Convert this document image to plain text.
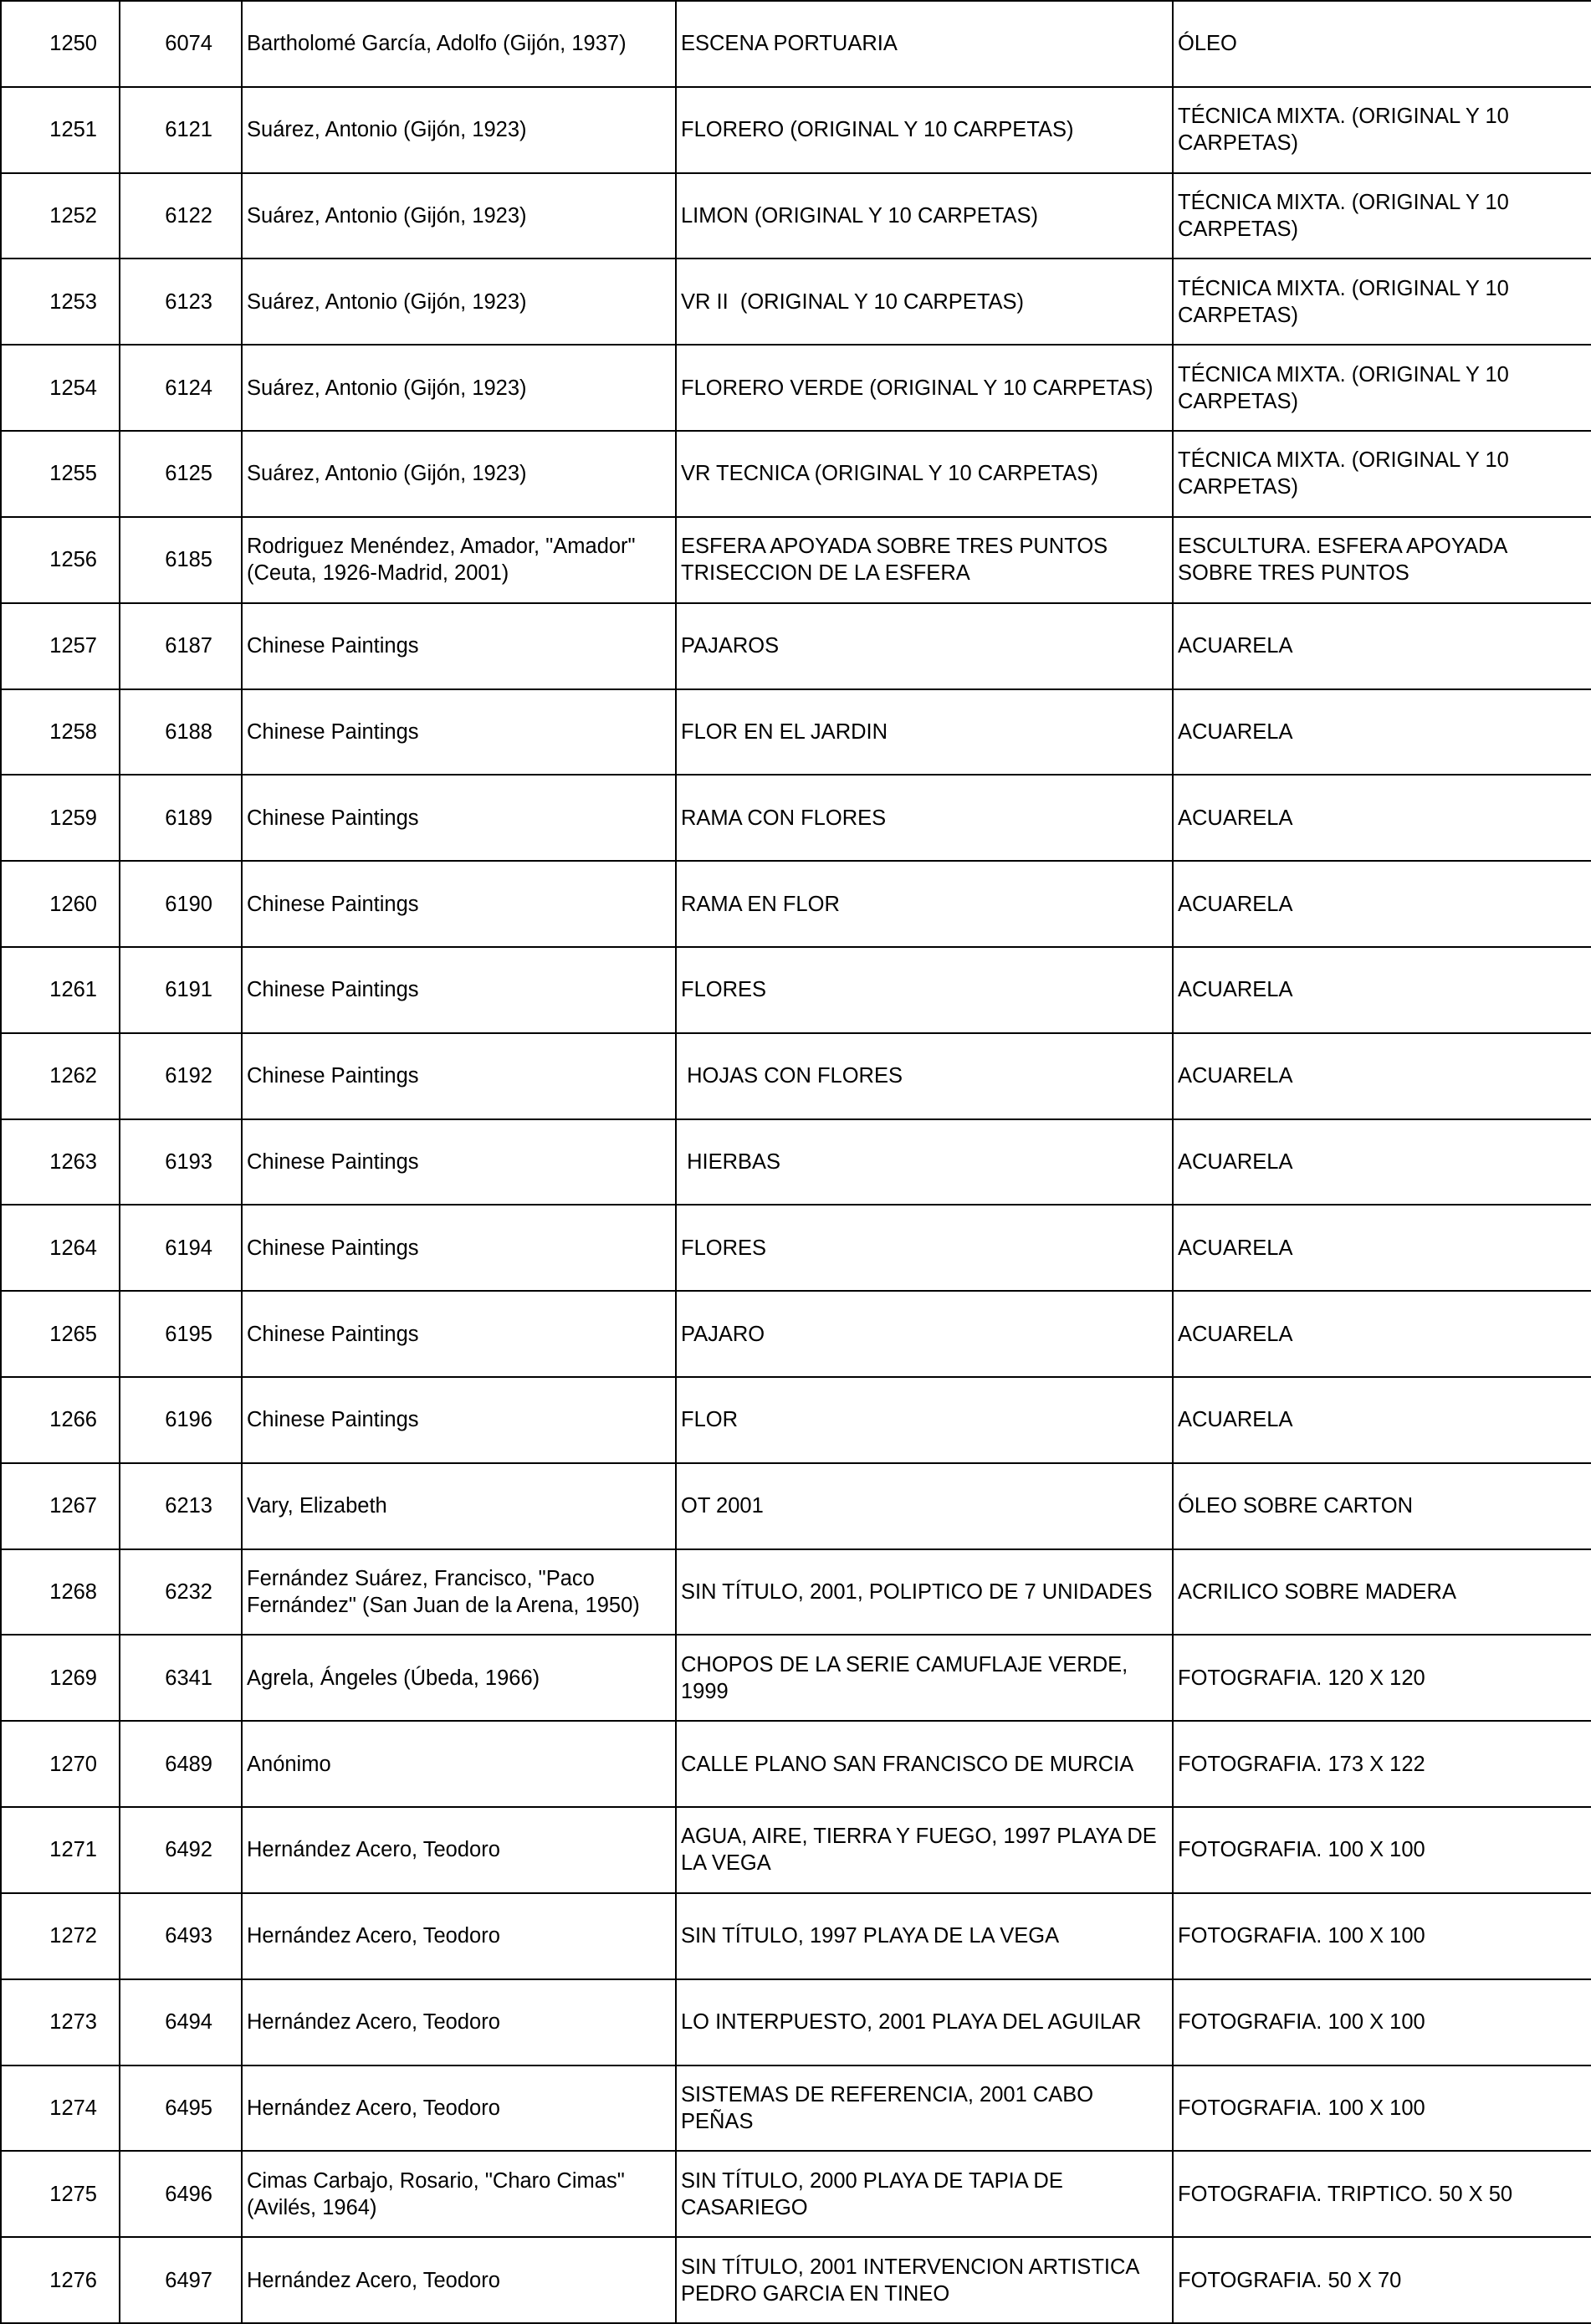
1250	6074	Bartholomé García, Adolfo (Gijón, 1937)	ESCENA PORTUARIA	ÓLEO
1251	6121	Suárez, Antonio (Gijón, 1923)	FLORERO (ORIGINAL Y 10 CARPETAS)	TÉCNICA MIXTA. (ORIGINAL Y 10 CARPETAS)
1252	6122	Suárez, Antonio (Gijón, 1923)	LIMON (ORIGINAL Y 10 CARPETAS)	TÉCNICA MIXTA. (ORIGINAL Y 10 CARPETAS)
1253	6123	Suárez, Antonio (Gijón, 1923)	VR II  (ORIGINAL Y 10 CARPETAS)	TÉCNICA MIXTA. (ORIGINAL Y 10 CARPETAS)
1254	6124	Suárez, Antonio (Gijón, 1923)	FLORERO VERDE (ORIGINAL Y 10 CARPETAS)	TÉCNICA MIXTA. (ORIGINAL Y 10 CARPETAS)
1255	6125	Suárez, Antonio (Gijón, 1923)	VR TECNICA (ORIGINAL Y 10 CARPETAS)	TÉCNICA MIXTA. (ORIGINAL Y 10 CARPETAS)
1256	6185	Rodriguez Menéndez, Amador, "Amador" (Ceuta, 1926-Madrid, 2001)	ESFERA APOYADA SOBRE TRES PUNTOS TRISECCION DE LA ESFERA	ESCULTURA. ESFERA APOYADA SOBRE TRES PUNTOS
1257	6187	Chinese Paintings	PAJAROS	ACUARELA
1258	6188	Chinese Paintings	FLOR EN EL JARDIN	ACUARELA
1259	6189	Chinese Paintings	RAMA CON FLORES	ACUARELA
1260	6190	Chinese Paintings	RAMA EN FLOR	ACUARELA
1261	6191	Chinese Paintings	FLORES	ACUARELA
1262	6192	Chinese Paintings	HOJAS CON FLORES	ACUARELA
1263	6193	Chinese Paintings	HIERBAS	ACUARELA
1264	6194	Chinese Paintings	FLORES	ACUARELA
1265	6195	Chinese Paintings	PAJARO	ACUARELA
1266	6196	Chinese Paintings	FLOR	ACUARELA
1267	6213	Vary, Elizabeth	OT 2001	ÓLEO SOBRE CARTON
1268	6232	Fernández Suárez, Francisco, "Paco Fernández" (San Juan de la Arena, 1950)	SIN TÍTULO, 2001, POLIPTICO DE 7 UNIDADES	ACRILICO SOBRE MADERA
1269	6341	Agrela, Ángeles (Úbeda, 1966)	CHOPOS DE LA SERIE CAMUFLAJE VERDE, 1999	FOTOGRAFIA. 120 X 120
1270	6489	Anónimo	CALLE PLANO SAN FRANCISCO DE MURCIA	FOTOGRAFIA. 173 X 122
1271	6492	Hernández Acero, Teodoro	AGUA, AIRE, TIERRA Y FUEGO, 1997 PLAYA DE LA VEGA	FOTOGRAFIA. 100 X 100
1272	6493	Hernández Acero, Teodoro	SIN TÍTULO, 1997 PLAYA DE LA VEGA	FOTOGRAFIA. 100 X 100
1273	6494	Hernández Acero, Teodoro	LO INTERPUESTO, 2001 PLAYA DEL AGUILAR	FOTOGRAFIA. 100 X 100
1274	6495	Hernández Acero, Teodoro	SISTEMAS DE REFERENCIA, 2001 CABO PEÑAS	FOTOGRAFIA. 100 X 100
1275	6496	Cimas Carbajo, Rosario, "Charo Cimas" (Avilés, 1964)	SIN TÍTULO, 2000 PLAYA DE TAPIA DE CASARIEGO	FOTOGRAFIA. TRIPTICO. 50 X 50
1276	6497	Hernández Acero, Teodoro	SIN TÍTULO, 2001 INTERVENCION ARTISTICA PEDRO GARCIA EN TINEO	FOTOGRAFIA. 50 X 70
